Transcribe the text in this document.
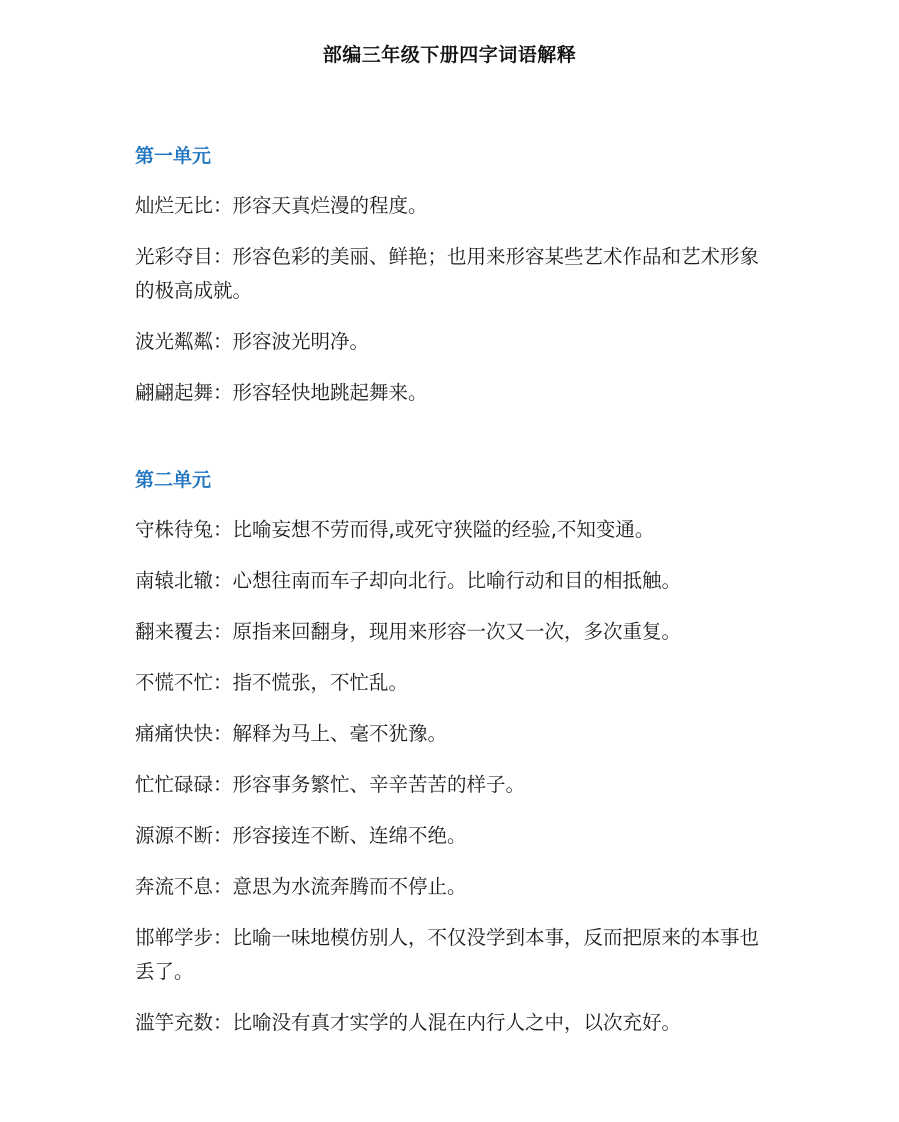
部编三年级下册四字词语解释
第一单元

灿烂无比：形容天真烂漫的程度。

光彩夺目：形容色彩的美丽、鲜艳；也用来形容某些艺术作品和艺术形象的极高成就。

波光粼粼：形容波光明净。

翩翩起舞：形容轻快地跳起舞来。

第二单元

守株待兔：比喻妄想不劳而得,或死守狭隘的经验,不知变通。

南辕北辙：心想往南而车子却向北行。比喻行动和目的相抵触。

翻来覆去：原指来回翻身，现用来形容一次又一次，多次重复。

不慌不忙：指不慌张，不忙乱。

痛痛快快：解释为马上、毫不犹豫。

忙忙碌碌：形容事务繁忙、辛辛苦苦的样子。

源源不断：形容接连不断、连绵不绝。

奔流不息：意思为水流奔腾而不停止。

邯郸学步：比喻一味地模仿别人，不仅没学到本事，反而把原来的本事也丢了。

滥竽充数：比喻没有真才实学的人混在内行人之中，以次充好。
